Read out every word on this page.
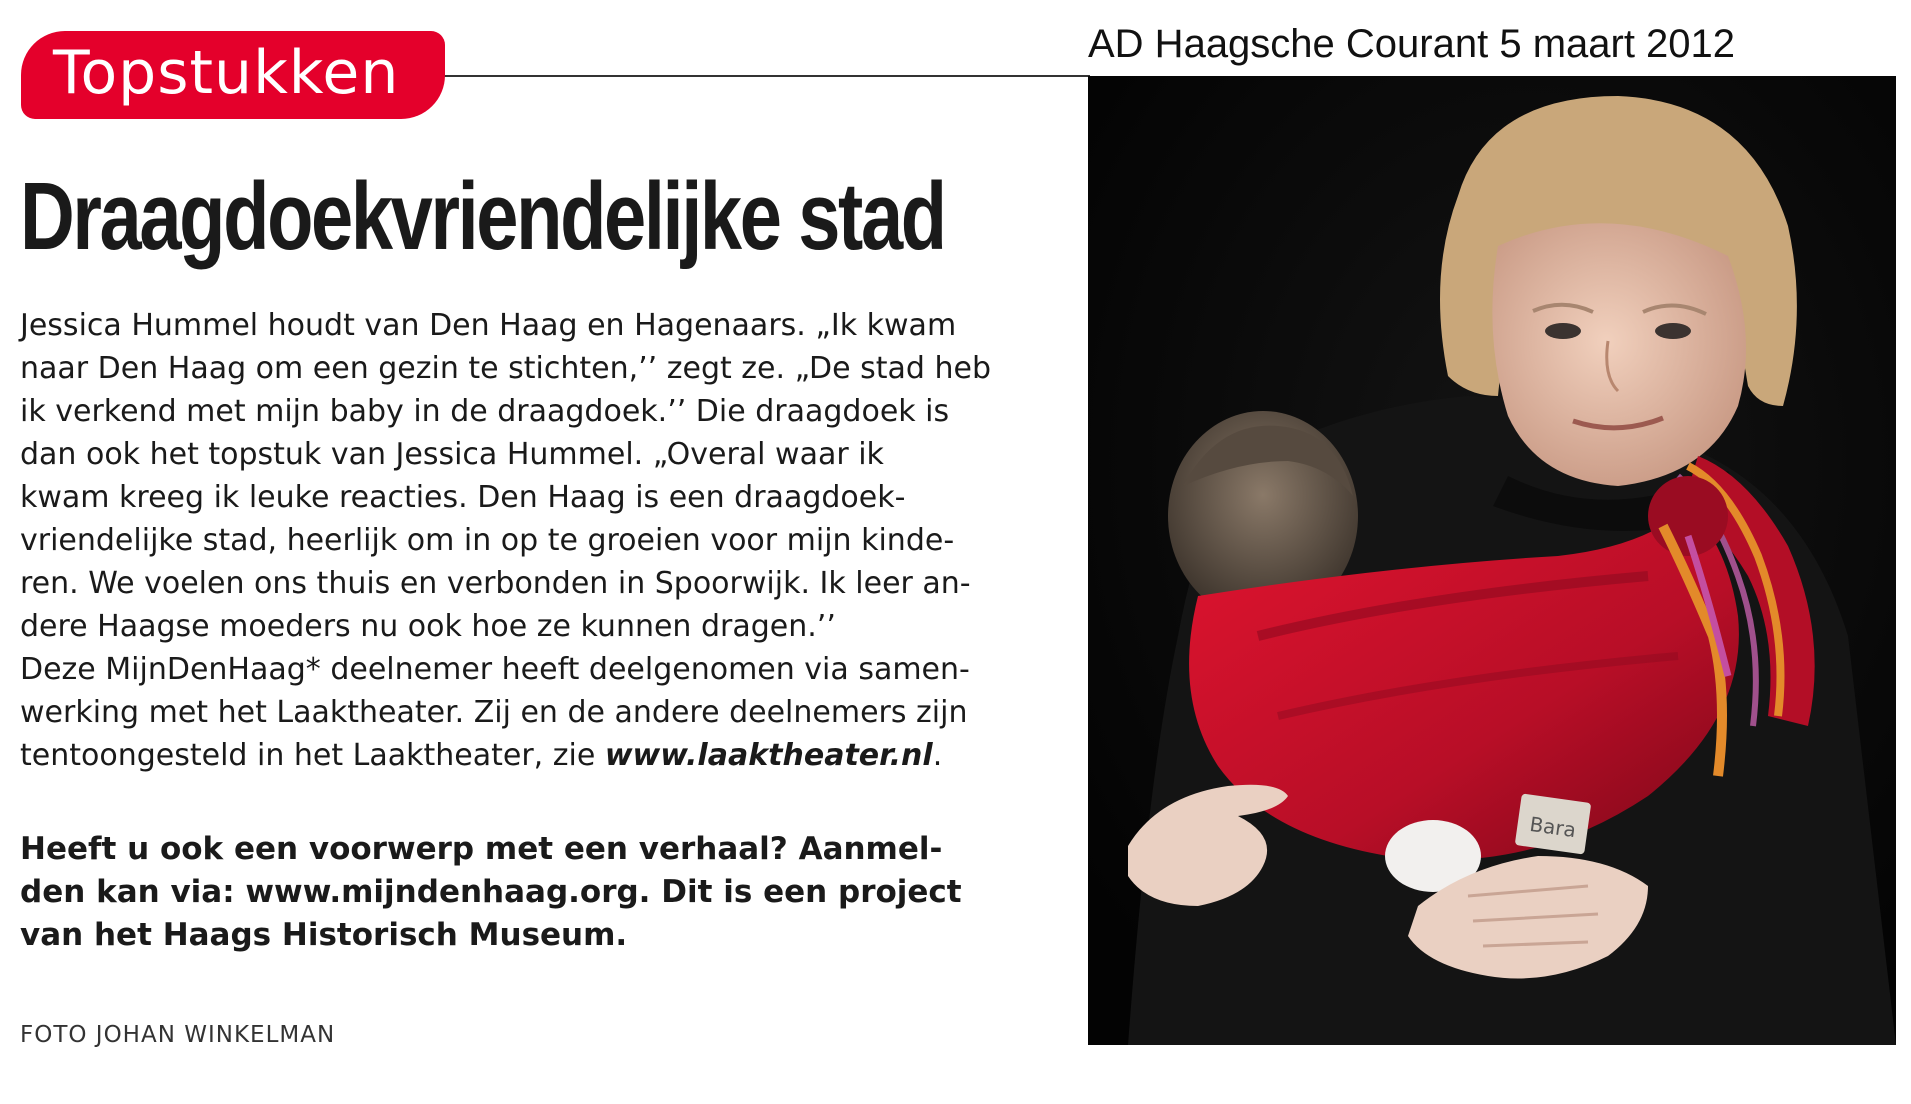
Topstukken	AD Haagsche Courant 5 maart 2012
Draagdoekvriendelijke stad
Jessica Hummel houdt van Den Haag en Hagenaars. „Ik kwam
naar Den Haag om een gezin te stichten,’’ zegt ze. „De stad heb
ik verkend met mijn baby in de draagdoek.’’ Die draagdoek is
dan ook het topstuk van Jessica Hummel. „Overal waar ik
kwam kreeg ik leuke reacties. Den Haag is een draagdoek-
vriendelijke stad, heerlijk om in op te groeien voor mijn kinde-
ren. We voelen ons thuis en verbonden in Spoorwijk. Ik leer an-
dere Haagse moeders nu ook hoe ze kunnen dragen.’’
Deze MijnDenHaag* deelnemer heeft deelgenomen via samen-
werking met het Laaktheater. Zij en de andere deelnemers zijn
tentoongesteld in het Laaktheater, zie www.laaktheater.nl.
Heeft u ook een voorwerp met een verhaal? Aanmel-
den kan via: www.mijndenhaag.org. Dit is een project
van het Haags Historisch Museum.
FOTO JOHAN WINKELMAN
Bara
